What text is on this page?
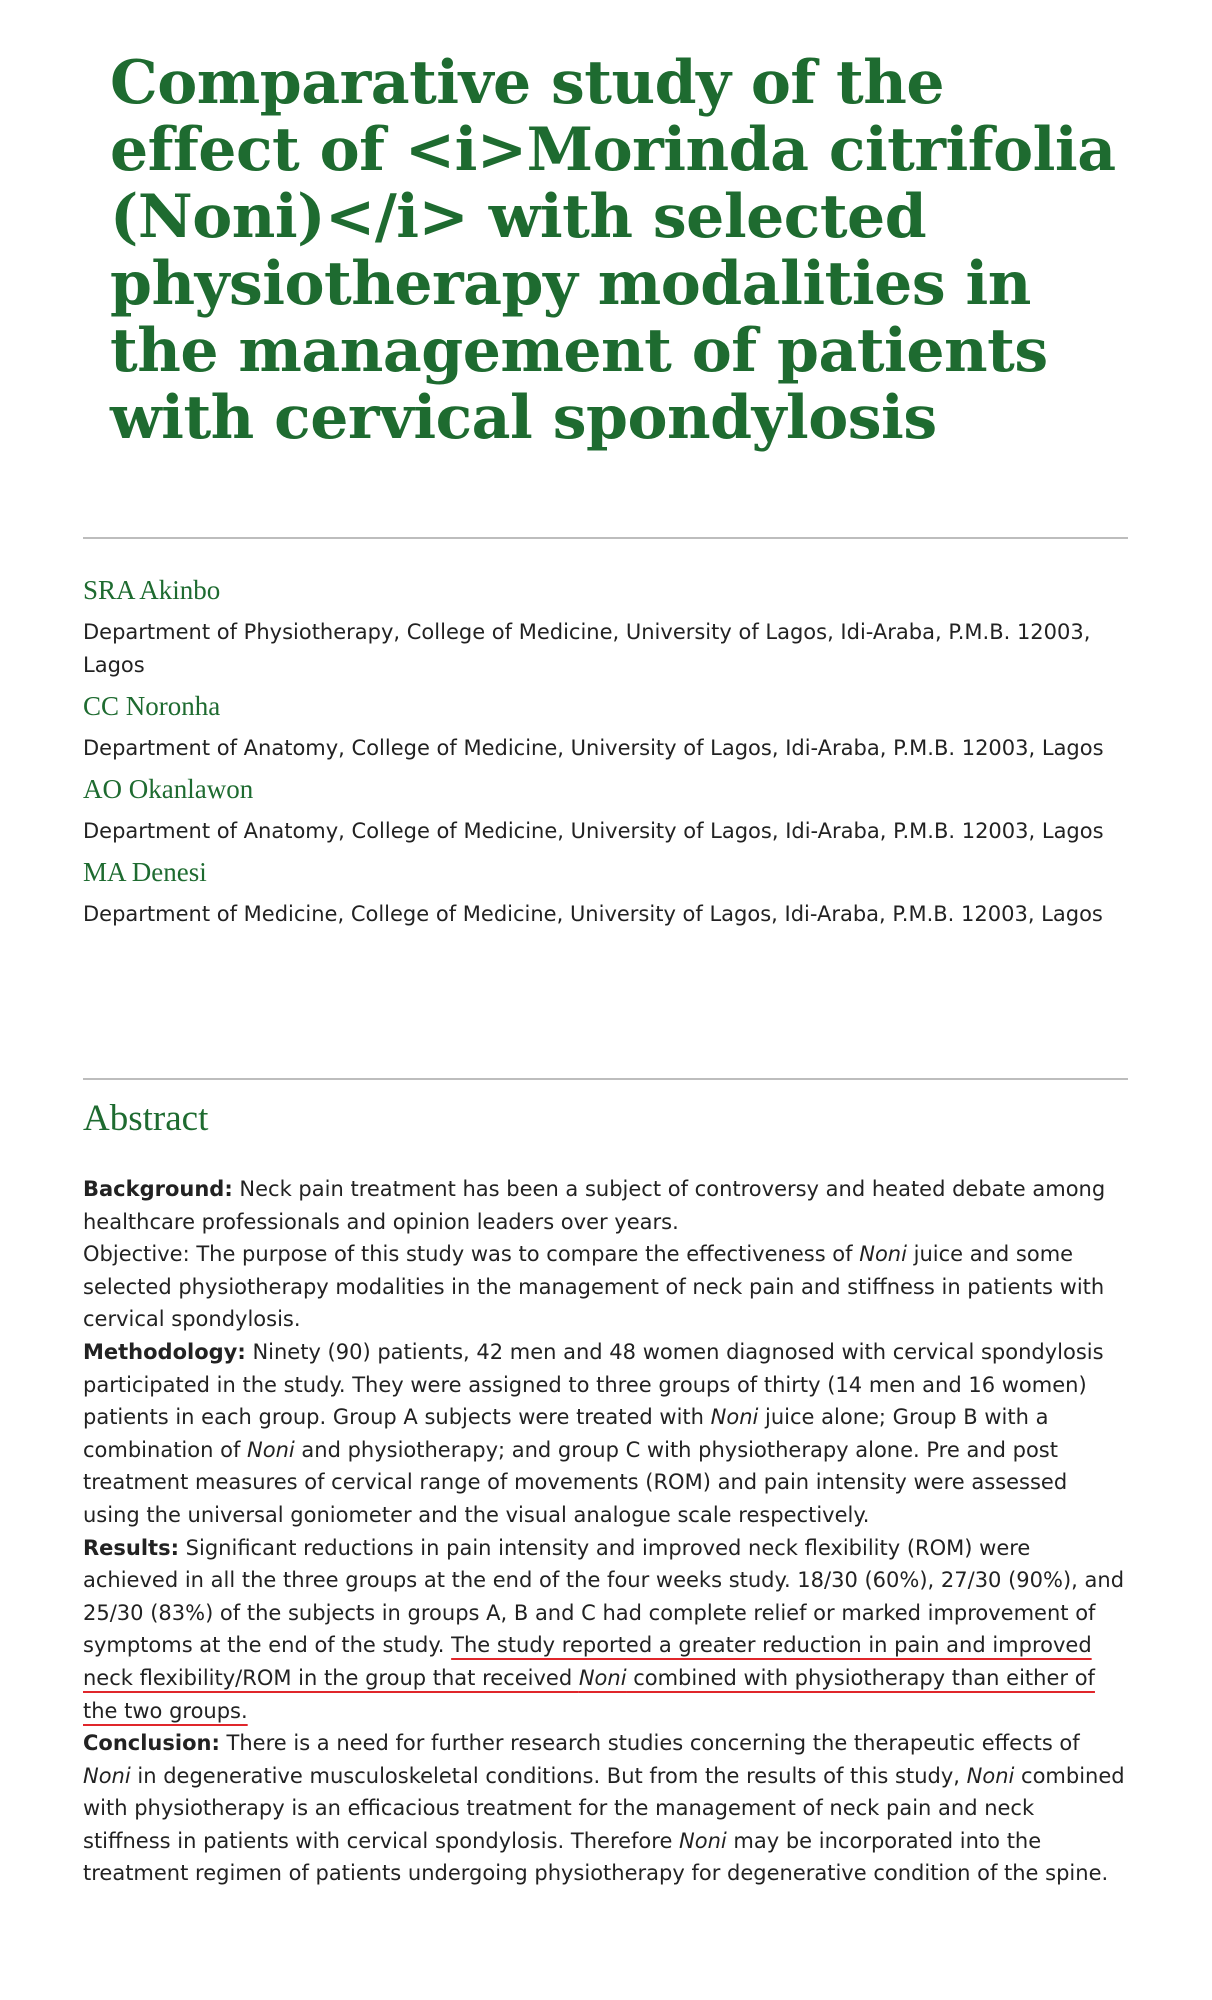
Comparative study of the effect of <i>Morinda citrifolia (Noni)</i> with selected physiotherapy modalities in the management of patients with cervical spondylosis
SRA Akinbo
Department of Physiotherapy, College of Medicine, University of Lagos, Idi-Araba, P.M.B. 12003, Lagos
CC Noronha
Department of Anatomy, College of Medicine, University of Lagos, Idi-Araba, P.M.B. 12003, Lagos
AO Okanlawon
Department of Anatomy, College of Medicine, University of Lagos, Idi-Araba, P.M.B. 12003, Lagos
MA Denesi
Department of Medicine, College of Medicine, University of Lagos, Idi-Araba, P.M.B. 12003, Lagos
Abstract

Background: Neck pain treatment has been a subject of controversy and heated debate among healthcare professionals and opinion leaders over years.

Objective: The purpose of this study was to compare the effectiveness of Noni juice and some selected physiotherapy modalities in the management of neck pain and stiffness in patients with cervical spondylosis.

Methodology: Ninety (90) patients, 42 men and 48 women diagnosed with cervical spondylosis participated in the study. They were assigned to three groups of thirty (14 men and 16 women) patients in each group. Group A subjects were treated with Noni juice alone; Group B with a combination of Noni and physiotherapy; and group C with physiotherapy alone. Pre and post treatment measures of cervical range of movements (ROM) and pain intensity were assessed using the universal goniometer and the visual analogue scale respectively.

Results: Significant reductions in pain intensity and improved neck flexibility (ROM) were achieved in all the three groups at the end of the four weeks study. 18/30 (60%), 27/30 (90%), and 25/30 (83%) of the subjects in groups A, B and C had complete relief or marked improvement of symptoms at the end of the study. The study reported a greater reduction in pain and improved neck flexibility/ROM in the group that received Noni combined with physiotherapy than either of the two groups.

Conclusion: There is a need for further research studies concerning the therapeutic effects of Noni in degenerative musculoskeletal conditions. But from the results of this study, Noni combined with physiotherapy is an efficacious treatment for the management of neck pain and neck stiffness in patients with cervical spondylosis. Therefore Noni may be incorporated into the treatment regimen of patients undergoing physiotherapy for degenerative condition of the spine.
